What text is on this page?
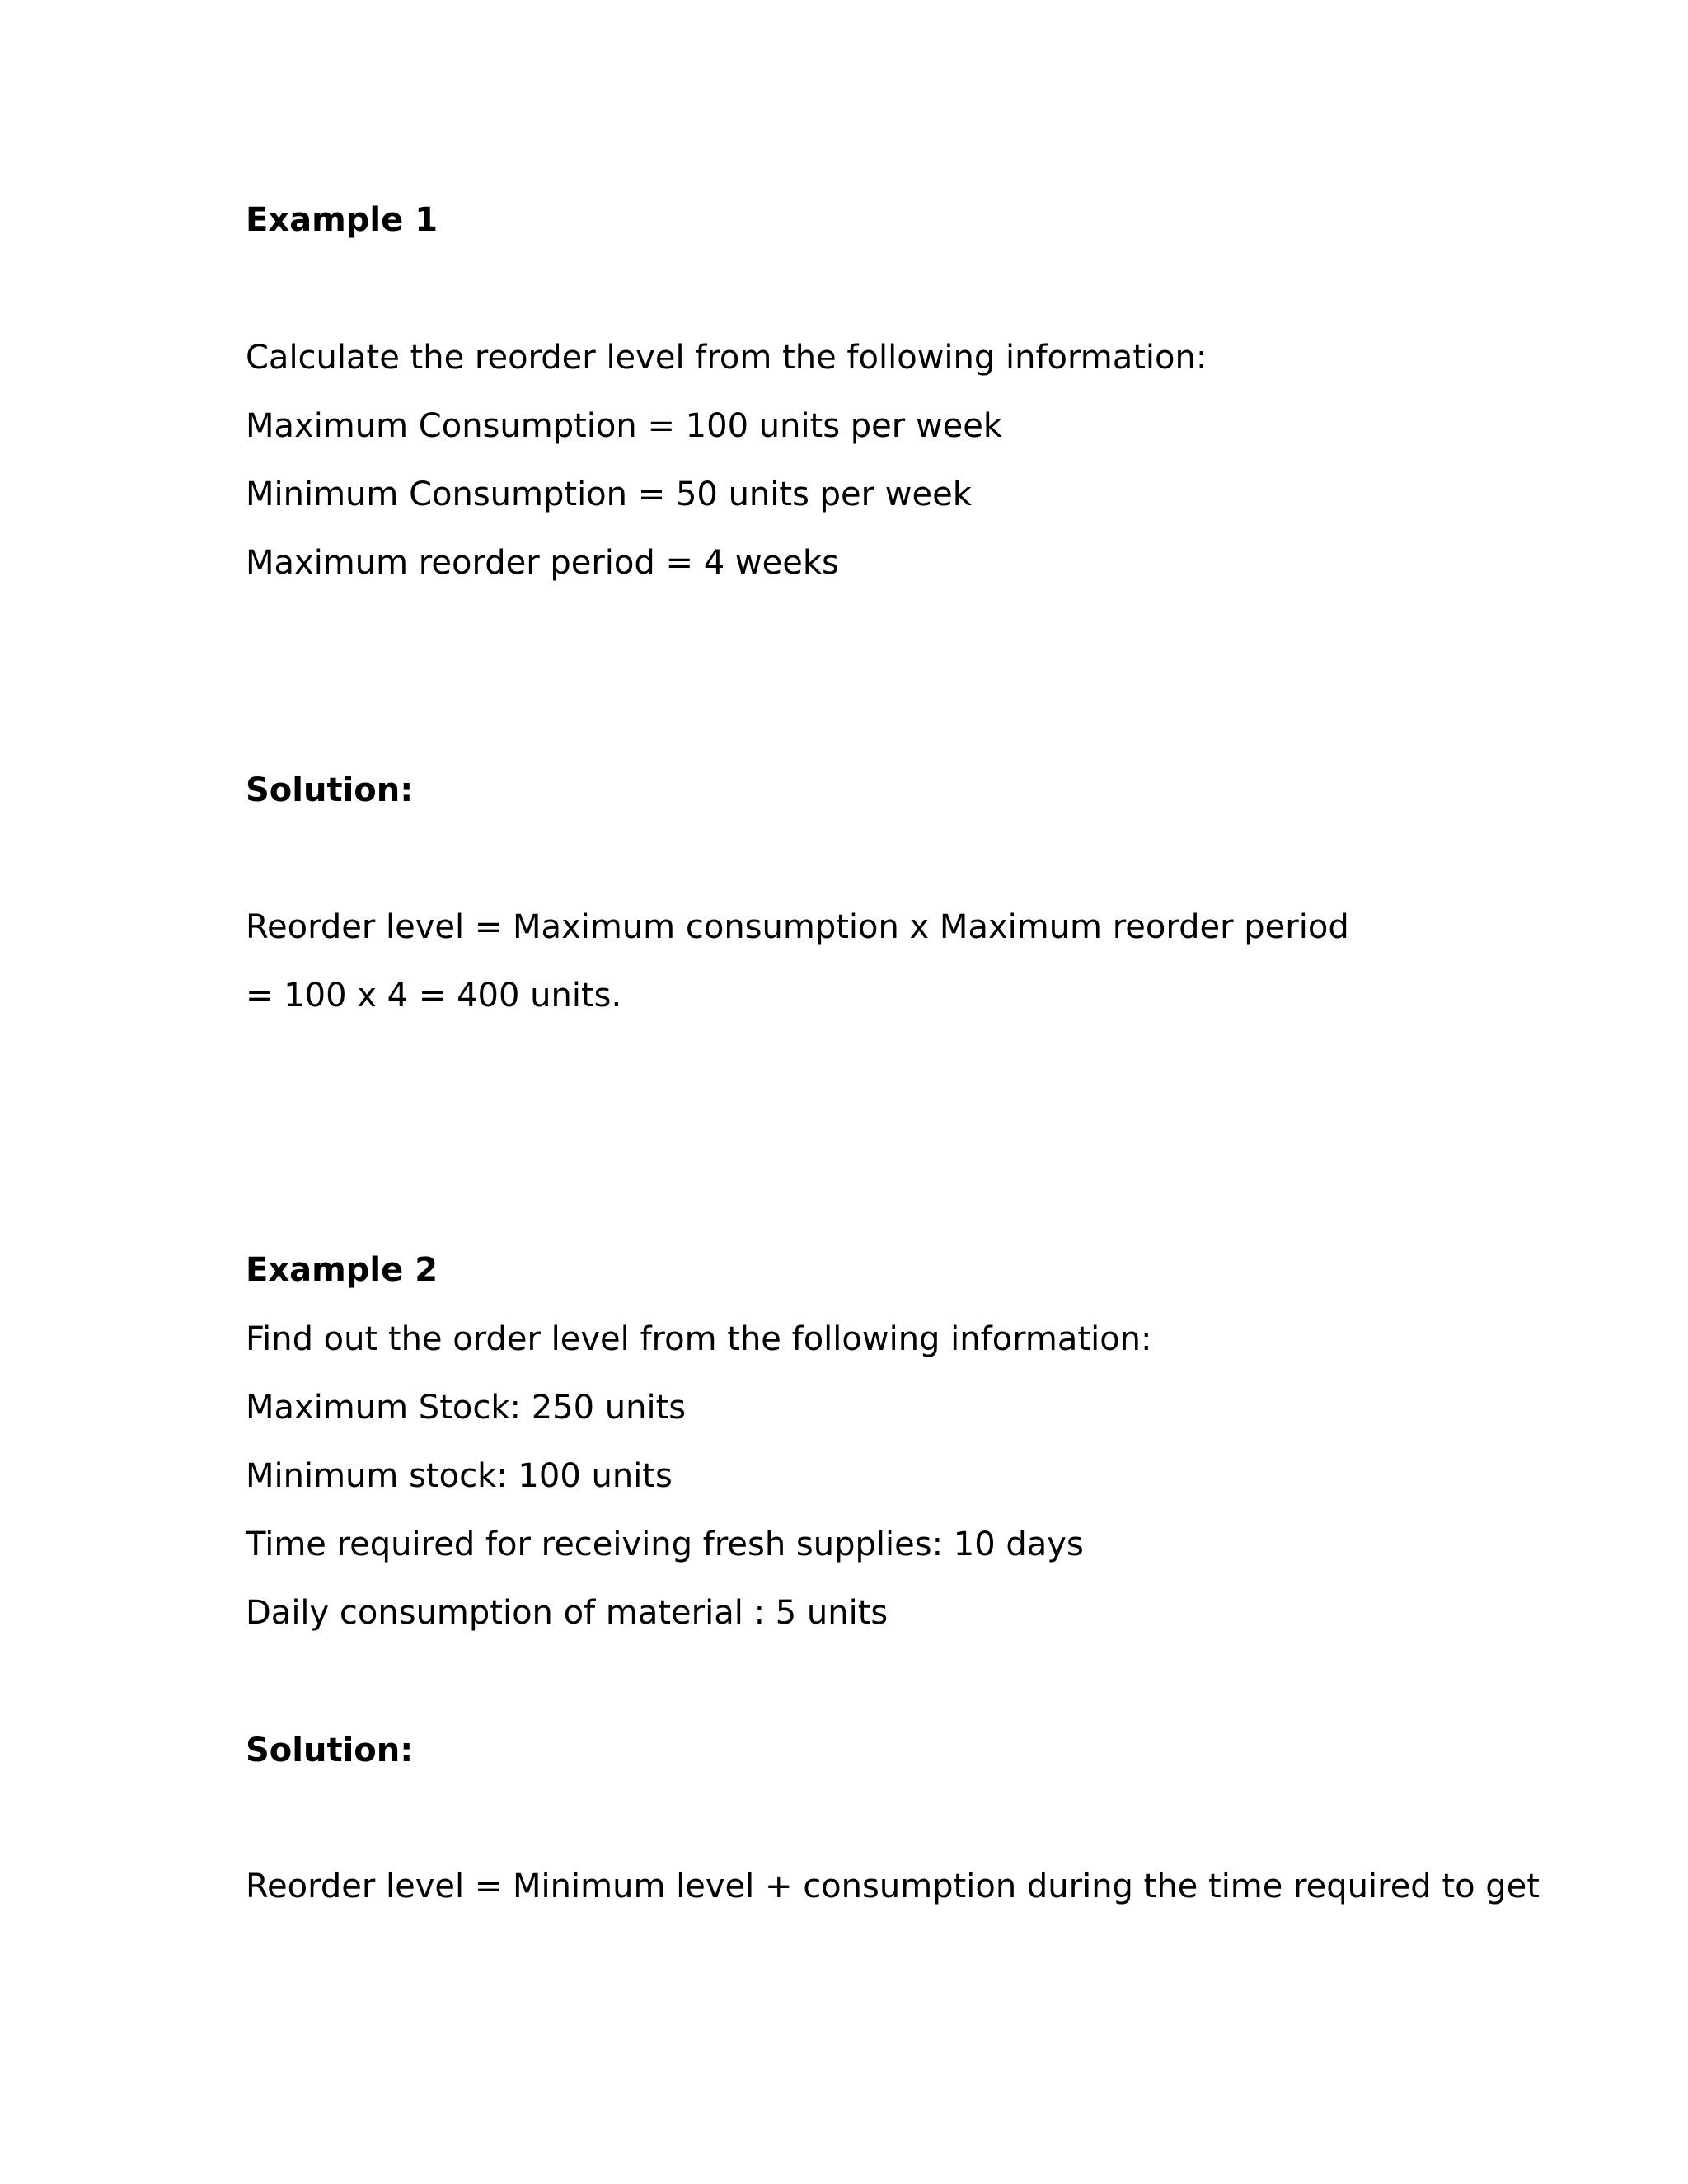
Example 1

Calculate the reorder level from the following information:

Maximum Consumption = 100 units per week

Minimum Consumption = 50 units per week

Maximum reorder period = 4 weeks

Solution:

Reorder level = Maximum consumption x Maximum reorder period

= 100 x 4 = 400 units.

Example 2

Find out the order level from the following information:

Maximum Stock: 250 units

Minimum stock: 100 units

Time required for receiving fresh supplies: 10 days

Daily consumption of material : 5 units

Solution:

Reorder level = Minimum level + consumption during the time required to get
